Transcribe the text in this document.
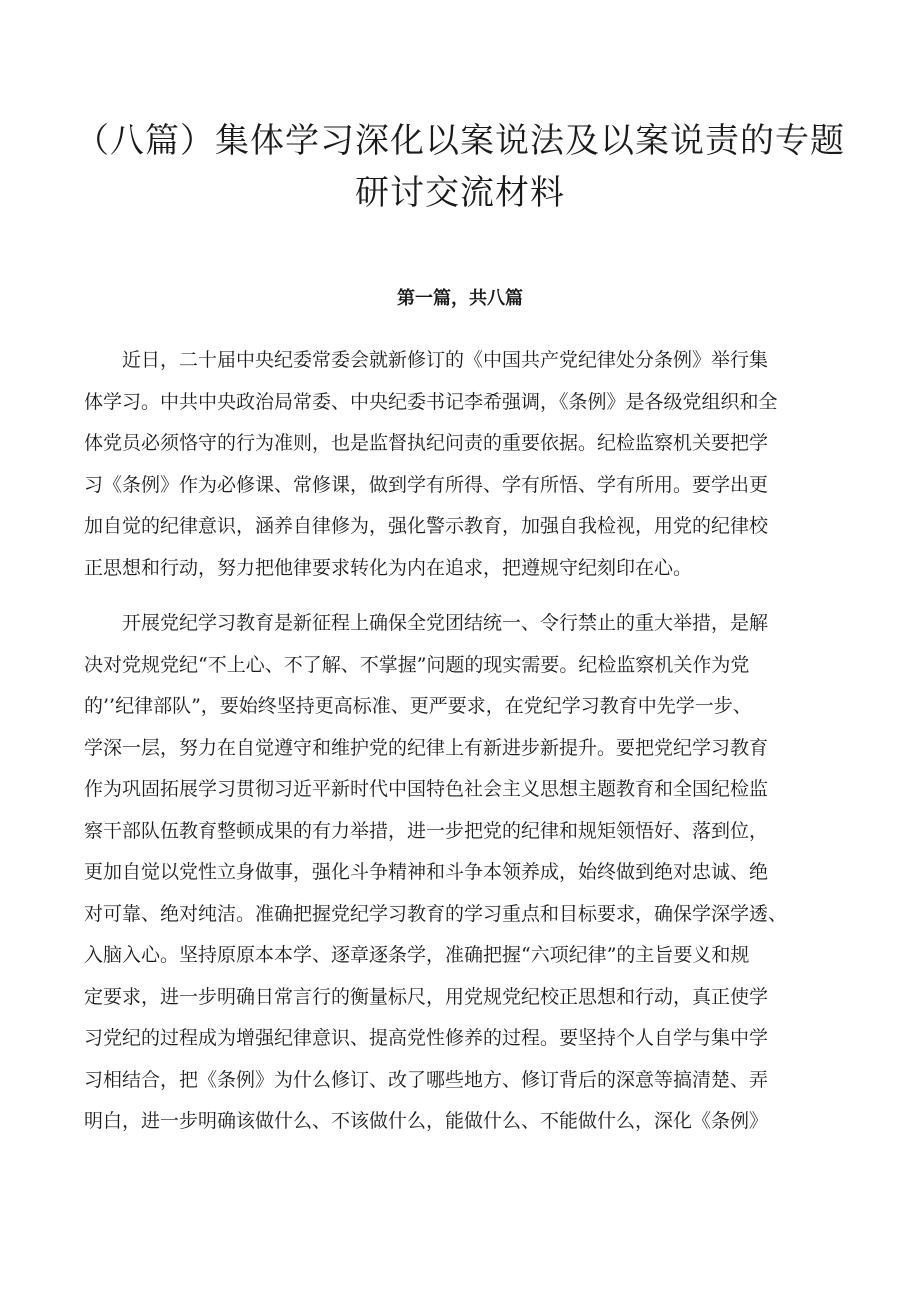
（八篇）集体学习深化以案说法及以案说责的专题
研讨交流材料
第一篇，共八篇

　　近日，二十届中央纪委常委会就新修订的《中国共产党纪律处分条例》举行集
体学习。中共中央政治局常委、中央纪委书记李希强调，《条例》是各级党组织和全
体党员必须恪守的行为准则，也是监督执纪问责的重要依据。纪检监察机关要把学
习《条例》作为必修课、常修课，做到学有所得、学有所悟、学有所用。要学出更
加自觉的纪律意识，涵养自律修为，强化警示教育，加强自我检视，用党的纪律校
正思想和行动，努力把他律要求转化为内在追求，把遵规守纪刻印在心。

　　开展党纪学习教育是新征程上确保全党团结统一、令行禁止的重大举措，是解
决对党规党纪“不上心、不了解、不掌握”问题的现实需要。纪检监察机关作为党
的’’纪律部队”，要始终坚持更高标准、更严要求，在党纪学习教育中先学一步、
学深一层，努力在自觉遵守和维护党的纪律上有新进步新提升。要把党纪学习教育
作为巩固拓展学习贯彻习近平新时代中国特色社会主义思想主题教育和全国纪检监
察干部队伍教育整顿成果的有力举措，进一步把党的纪律和规矩领悟好、落到位，
更加自觉以党性立身做事，强化斗争精神和斗争本领养成，始终做到绝对忠诚、绝
对可靠、绝对纯洁。准确把握党纪学习教育的学习重点和目标要求，确保学深学透、
入脑入心。坚持原原本本学、逐章逐条学，准确把握“六项纪律”的主旨要义和规
定要求，进一步明确日常言行的衡量标尺，用党规党纪校正思想和行动，真正使学
习党纪的过程成为增强纪律意识、提高党性修养的过程。要坚持个人自学与集中学
习相结合，把《条例》为什么修订、改了哪些地方、修订背后的深意等搞清楚、弄
明白，进一步明确该做什么、不该做什么，能做什么、不能做什么，深化《条例》
